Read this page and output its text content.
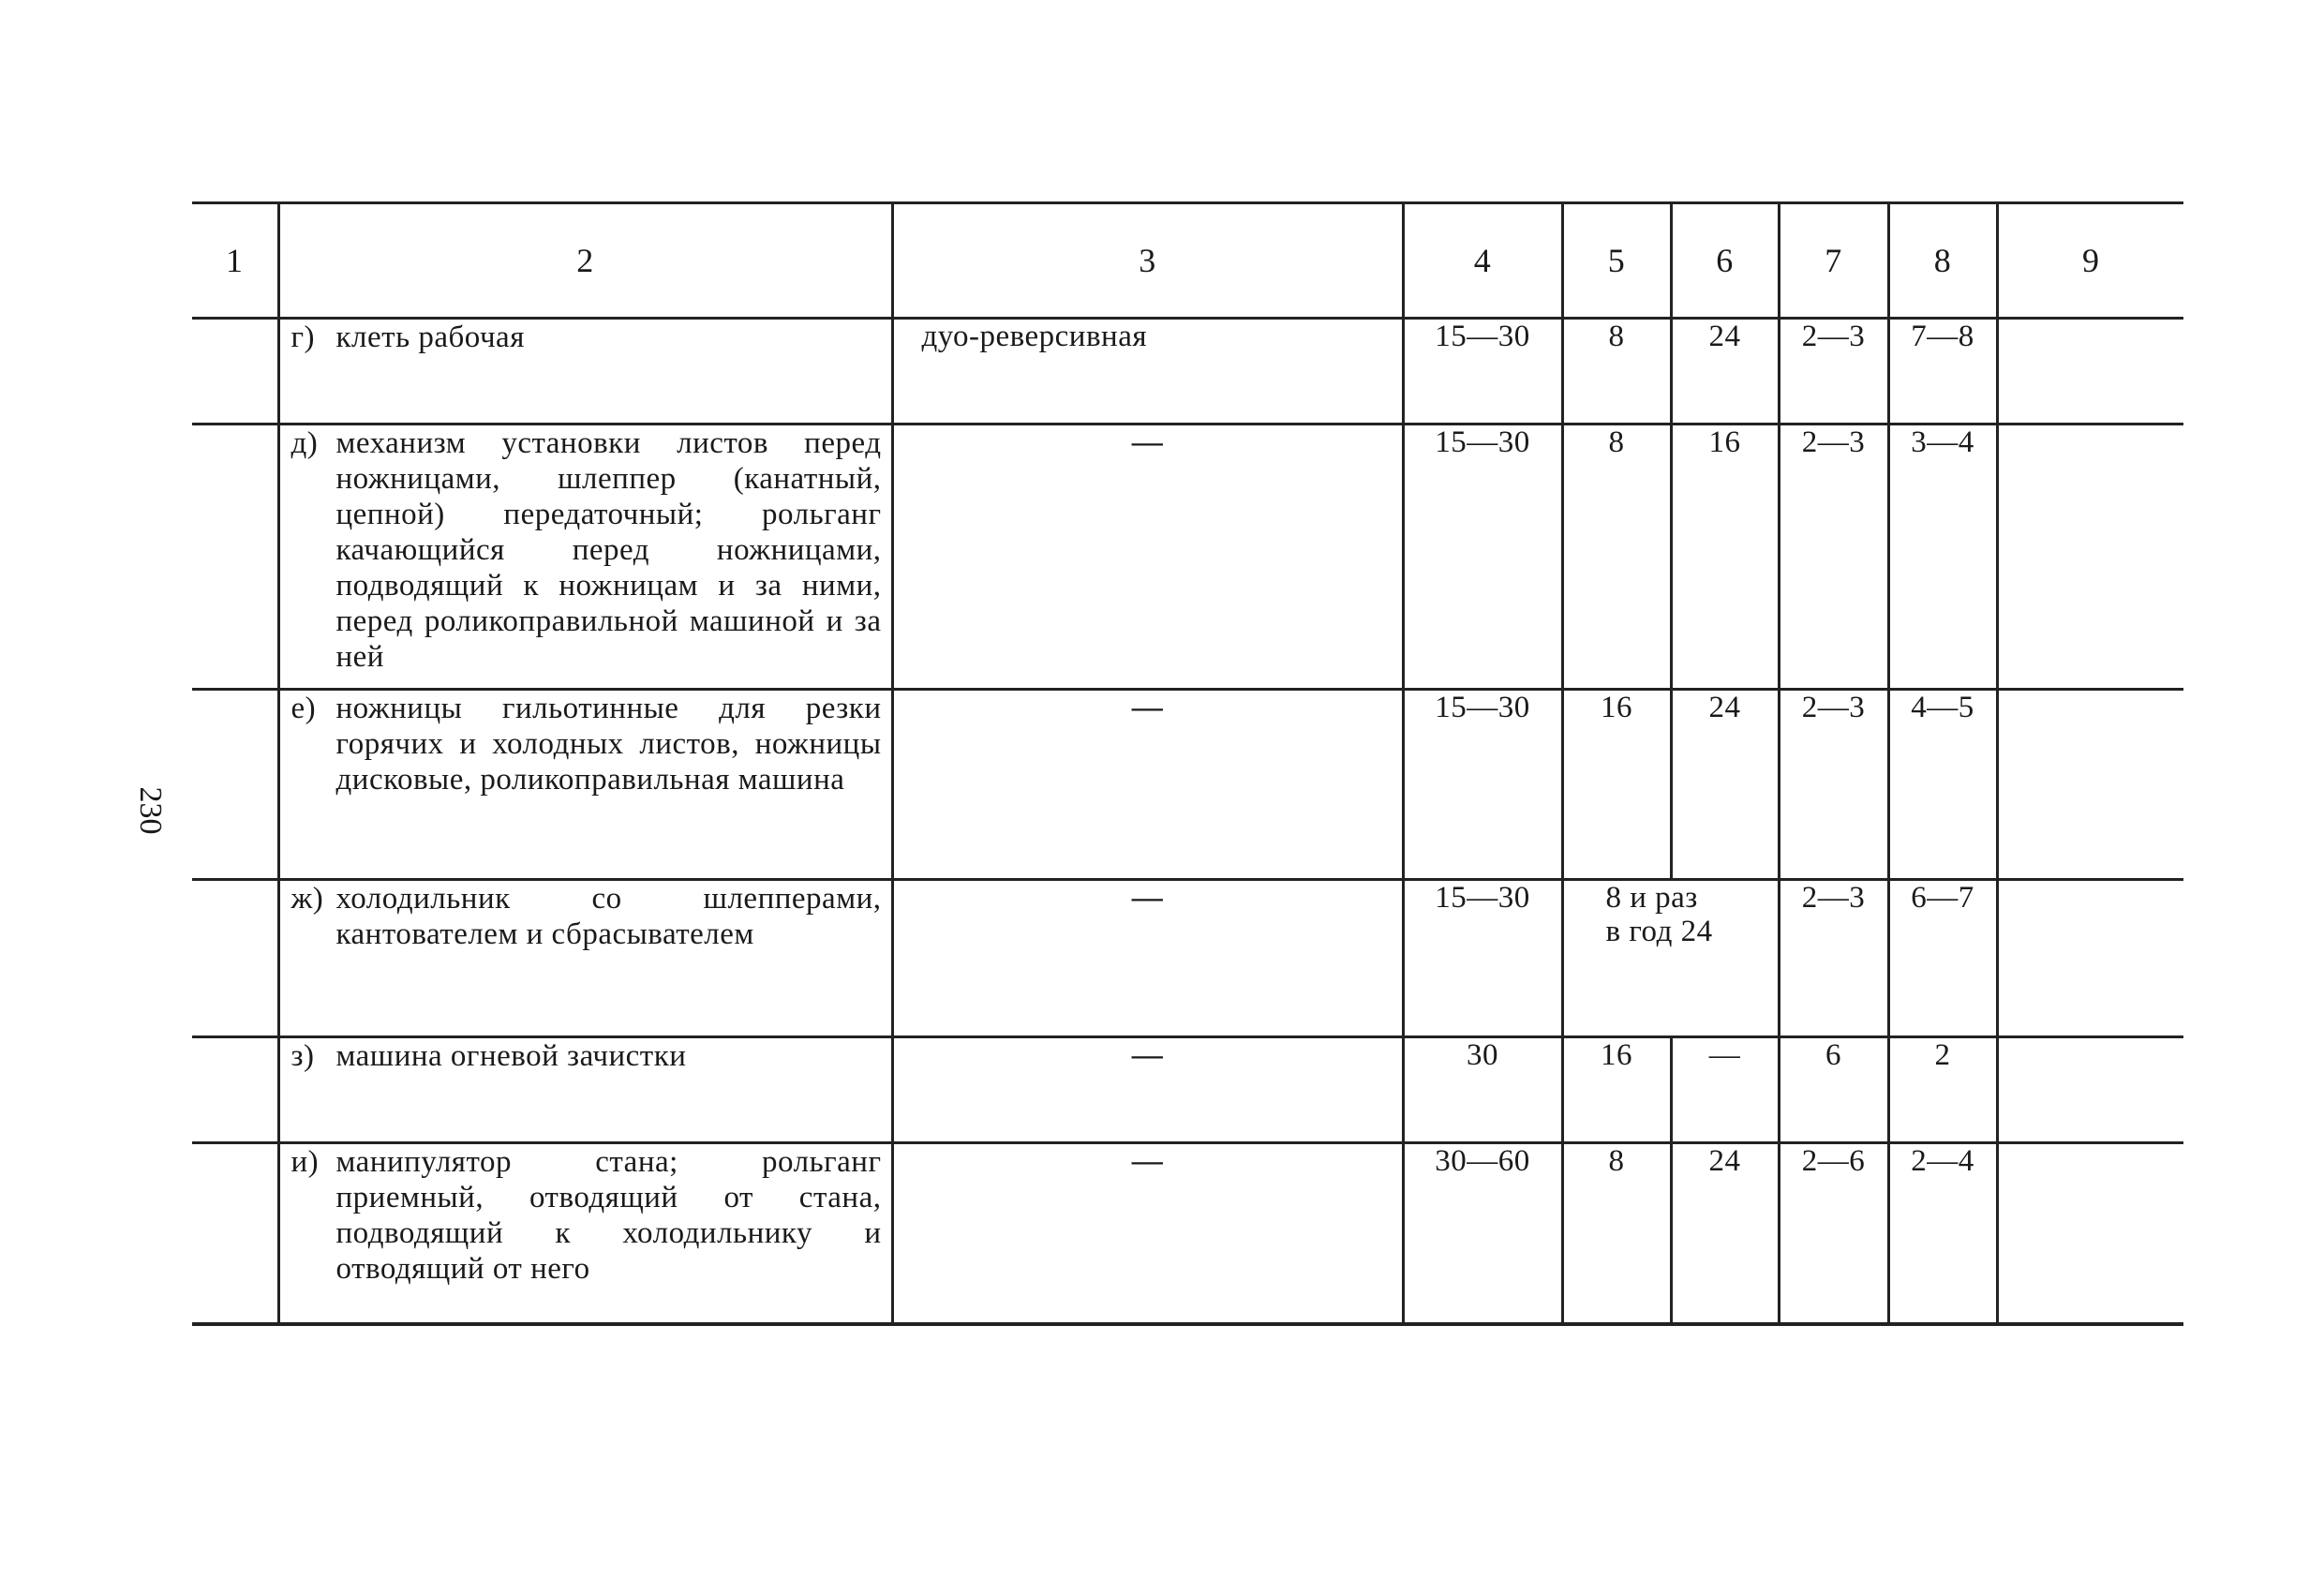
230
1	2	3	4	5	6	7	8	9

	г) клеть рабочая	дуо-реверсивная	15—30	8	24	2—3	7—8	

	д) механизм установки листов перед ножницами, шлеппер (канатный, цепной) передаточный; рольганг качающийся перед ножницами, подводящий к ножницам и за ними, перед роликоправильной машиной и за ней	—	15—30	8	16	2—3	3—4	

	е) ножницы гильотинные для резки горячих и холодных листов, ножницы дисковые, роликоправильная машина	—	15—30	16	24	2—3	4—5	

	ж) холодильник со шлепперами, кантователем и сбрасывателем	—	15—30	8 и раз
в год 24		2—3	6—7	

	з) машина огневой зачистки	—	30	16	—	6	2	

	и) манипулятор стана; рольганг приемный, отводящий от стана, подводящий к холодильнику и отводящий от него	—	30—60	8	24	2—6	2—4	
